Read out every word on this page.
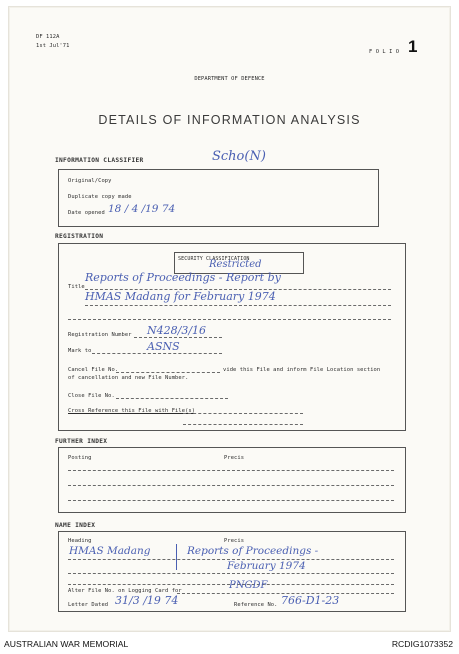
DF 112A
1st Jul'71
F O L I O 1
DEPARTMENT OF DEFENCE
DETAILS OF INFORMATION ANALYSIS
INFORMATION CLASSIFIER	Scho(N)
Original/Copy
Duplicate copy made
Date opened 18 / 4 /19 74
REGISTRATION
SECURITY CLASSIFICATION
Restricted
Title
Reports of Proceedings - Report by
HMAS Madang for February 1974
Registration Number N428/3/16
Mark to	ASNS
Cancel File No.	vide this File and inform File Location section
of cancellation and new File Number.
Close File No.
Cross Reference this File with File(s)
FURTHER INDEX
Posting	Precis
NAME INDEX
Heading	Precis
HMAS Madang	Reports of Proceedings -
February 1974
Alter File No. on Logging Card for	PNGDF
Letter Dated 31/3 /19 74	Reference No. 766-D1-23
AUSTRALIAN WAR MEMORIAL	RCDIG1073352
